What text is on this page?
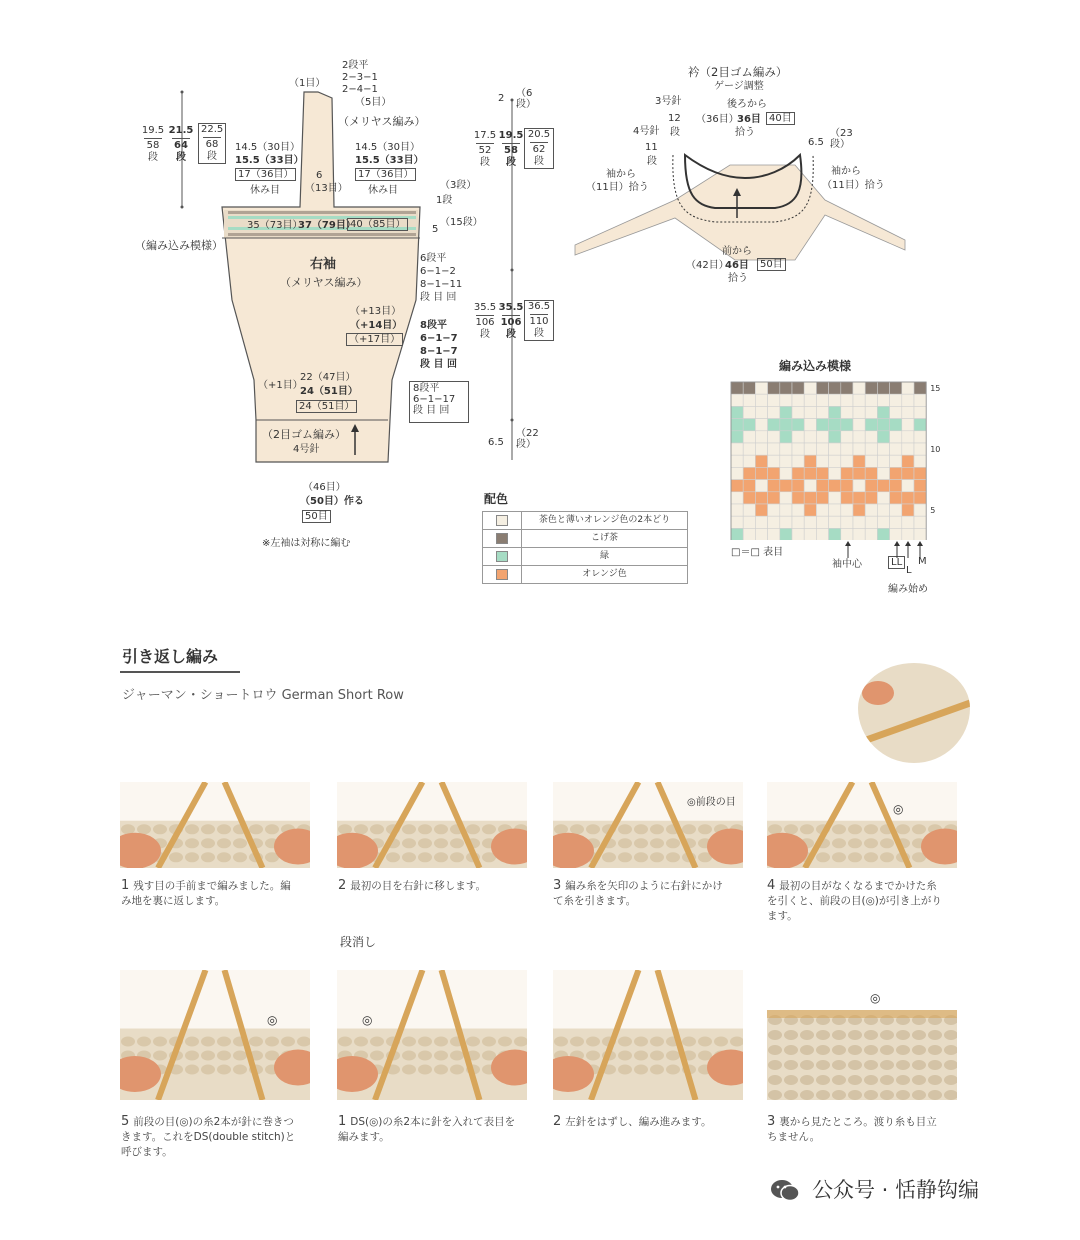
（1目）
2段平
2−3−1
2−4−1
（5目）
（メリヤス編み）
6
（13目）
19.5
58
段
21.5
64
段
22.5
68
段
14.5（30目）
15.5（33目）
17（36目）
休み目
14.5（30目）
15.5（33目）
17（36目）
休み目
（編み込み模様）
35（73目）
37（79目）
40（85目）
（3段）
1段
（15段）
5
右袖
（メリヤス編み）
6段平
6−1−2
8−1−11
段 目 回
（+13目）
（+14目）
（+17目）
8段平
6−1−7
8−1−7
段 目 回
8段平
6−1−17
段 目 回
（+1目）
22（47目）
24（51目）
24（51目）
（2目ゴム編み）
4号針
（46目）
（50目）作る
50目
※左袖は対称に編む
2 （6段）
17.5
52
段
19.5
58
段
20.5
62
段
35.5
106
段
35.5
106
段
36.5
110
段
6.5
（22段）
衿（2目ゴム編み）
ゲージ調整
3号針	後ろから
（36目）
36目 40目
拾う
12
段
4号針
11
段
6.5
（23段）
袖から
（11目）拾う
袖から
（11目）拾う
前から
（42目）
46目	50目
拾う
配色
茶色と薄いオレンジ色の2本どり
こげ茶
緑
オレンジ色
編み込み模様
15
10
5
□＝□ 表目
袖中心	LL
L
M
編み始め
引き返し編み
ジャーマン・ショートロウ German Short Row
段消し
1 残す目の手前まで編みました。編み地を裏に返します。
2 最初の目を右針に移します。	3 編み糸を矢印のように右針にかけて糸を引きます。
4 最初の目がなくなるまでかけた糸を引くと、前段の目(◎)が引き上がります。
5 前段の目(◎)の糸2本が針に巻きつきます。これをDS(double stitch)と呼びます。
1 DS(◎)の糸2本に針を入れて表目を編みます。
2 左針をはずし、編み進みます。	3 裏から見たところ。渡り糸も目立ちません。
◎前段の目	◎
◎	◎
◎
公众号 · 恬静钩编
